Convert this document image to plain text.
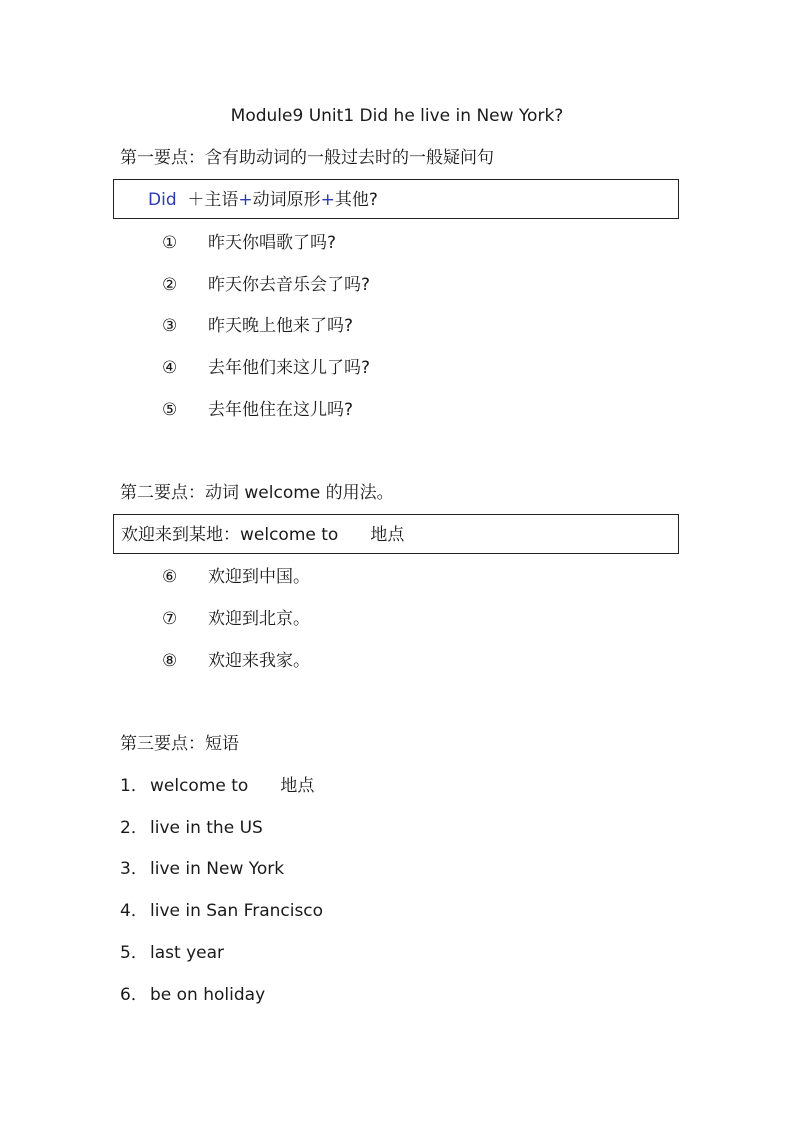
Module9 Unit1 Did he live in New York?
第一要点：含有助动词的一般过去时的一般疑问句
Did ＋主语+动词原形+其他?
① 昨天你唱歌了吗?
② 昨天你去音乐会了吗?
③ 昨天晚上他来了吗?
④ 去年他们来这儿了吗?
⑤ 去年他住在这儿吗?
第二要点：动词 welcome 的用法。
欢迎来到某地：welcome to 地点
⑥ 欢迎到中国。
⑦ 欢迎到北京。
⑧ 欢迎来我家。
第三要点：短语
1． welcome to 地点
2． live in the US
3． live in New York
4． live in San Francisco
5． last year
6． be on holiday
